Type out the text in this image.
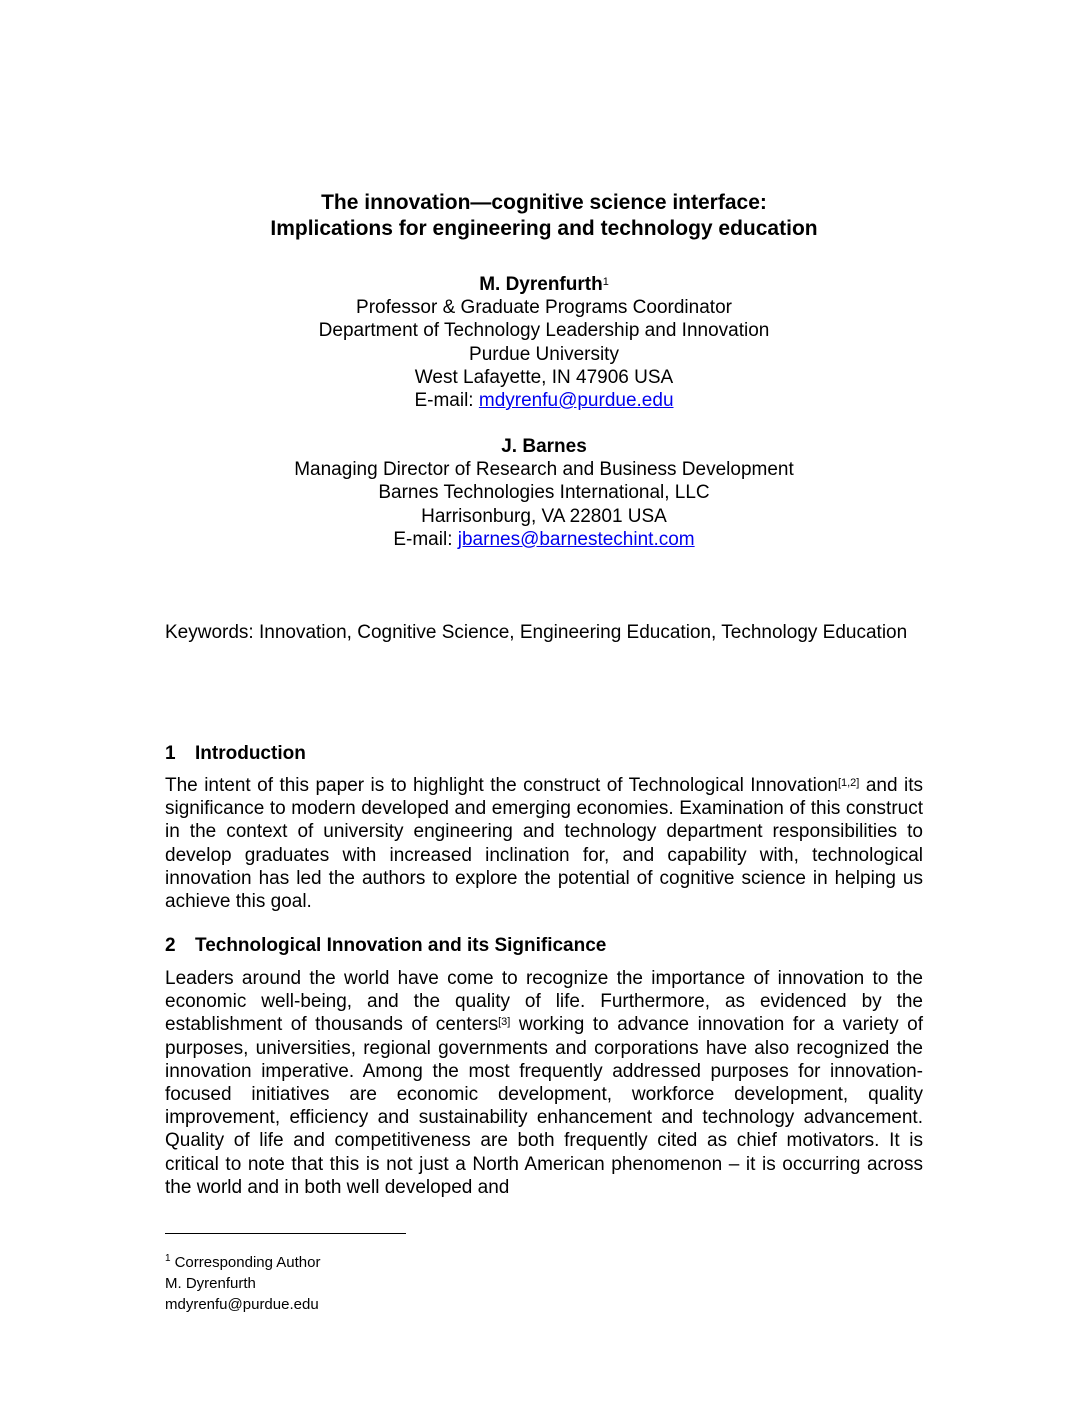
The innovation—cognitive science interface:
Implications for engineering and technology education
M. Dyrenfurth$^1$
Professor & Graduate Programs Coordinator
Department of Technology Leadership and Innovation
Purdue University
West Lafayette, IN 47906 USA
E-mail: mdyrenfu@purdue.edu
J. Barnes
Managing Director of Research and Business Development
Barnes Technologies International, LLC
Harrisonburg, VA 22801 USA
E-mail: jbarnes@barnestechint.com
Keywords: Innovation, Cognitive Science, Engineering Education, Technology Education
1 Introduction
The intent of this paper is to highlight the construct of Technological Innovation[1,2] and its significance to modern developed and emerging economies. Examination of this construct in the context of university engineering and technology department responsibilities to develop graduates with increased inclination for, and capability with, technological innovation has led the authors to explore the potential of cognitive science in helping us achieve this goal.
2 Technological Innovation and its Significance
Leaders around the world have come to recognize the importance of innovation to the economic well-being, and the quality of life. Furthermore, as evidenced by the establishment of thousands of centers[3] working to advance innovation for a variety of purposes, universities, regional governments and corporations have also recognized the innovation imperative. Among the most frequently addressed purposes for innovation-focused initiatives are economic development, workforce development, quality improvement, efficiency and sustainability enhancement and technology advancement. Quality of life and competitiveness are both frequently cited as chief motivators. It is critical to note that this is not just a North American phenomenon – it is occurring across the world and in both well developed and
$^1$ Corresponding Author
M. Dyrenfurth
mdyrenfu@purdue.edu
